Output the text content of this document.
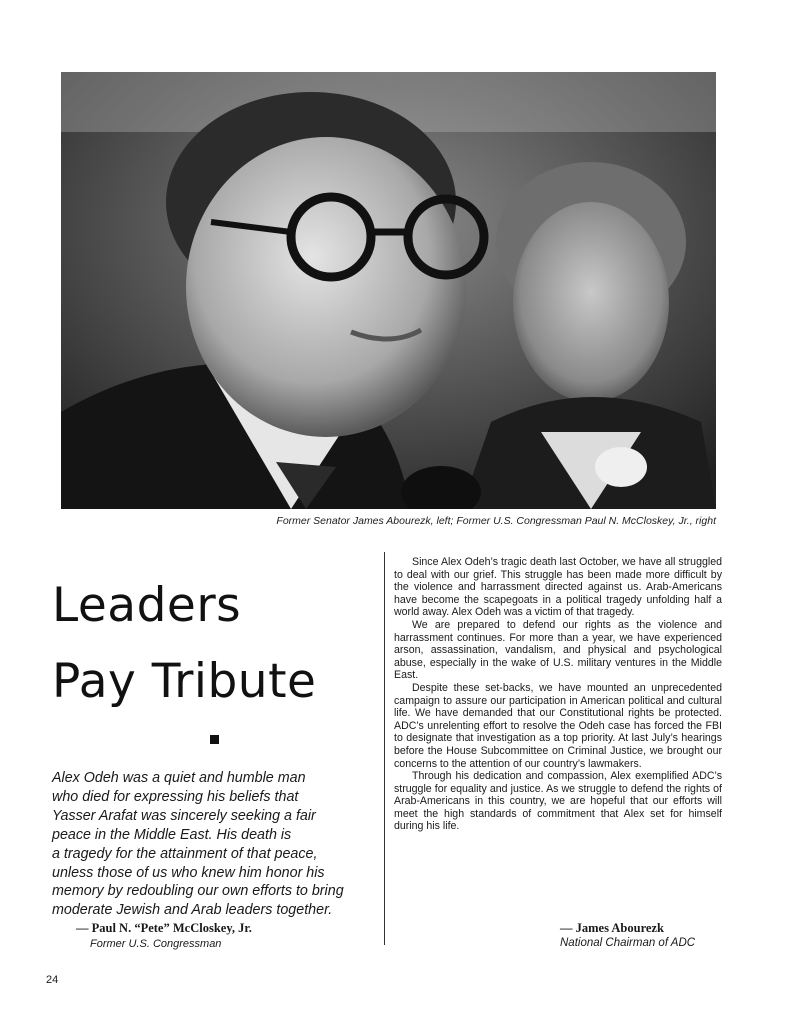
Former Senator James Abourezk, left; Former U.S. Congressman Paul N. McCloskey, Jr., right
Leaders
Pay Tribute

Alex Odeh was a quiet and humble man
who died for expressing his beliefs that
Yasser Arafat was sincerely seeking a fair
peace in the Middle East. His death is
a tragedy for the attainment of that peace,
unless those of us who knew him honor his
memory by redoubling our own efforts to bring
moderate Jewish and Arab leaders together.

— Paul N. “Pete” McCloskey, Jr.
Former U.S. Congressman

Since Alex Odeh’s tragic death last October, we have all struggled to deal with our grief. This struggle has been made more difficult by the violence and harrassment directed against us. Arab-Americans have become the scapegoats in a political tragedy unfolding half a world away. Alex Odeh was a victim of that tragedy.

We are prepared to defend our rights as the violence and harrassment continues. For more than a year, we have experienced arson, assassination, vandalism, and physical and psychological abuse, especially in the wake of U.S. military ventures in the Middle East.

Despite these set-backs, we have mounted an unprecedented campaign to assure our participation in American political and cultural life. We have demanded that our Constitutional rights be protected. ADC’s unrelenting effort to resolve the Odeh case has forced the FBI to designate that investigation as a top priority. At last July’s hearings before the House Subcommittee on Criminal Justice, we brought our concerns to the attention of our country’s lawmakers.

Through his dedication and compassion, Alex exemplified ADC’s struggle for equality and justice. As we struggle to defend the rights of Arab-Americans in this country, we are hopeful that our efforts will meet the high standards of commitment that Alex set for himself during his life.

— James Abourezk
National Chairman of ADC
24
